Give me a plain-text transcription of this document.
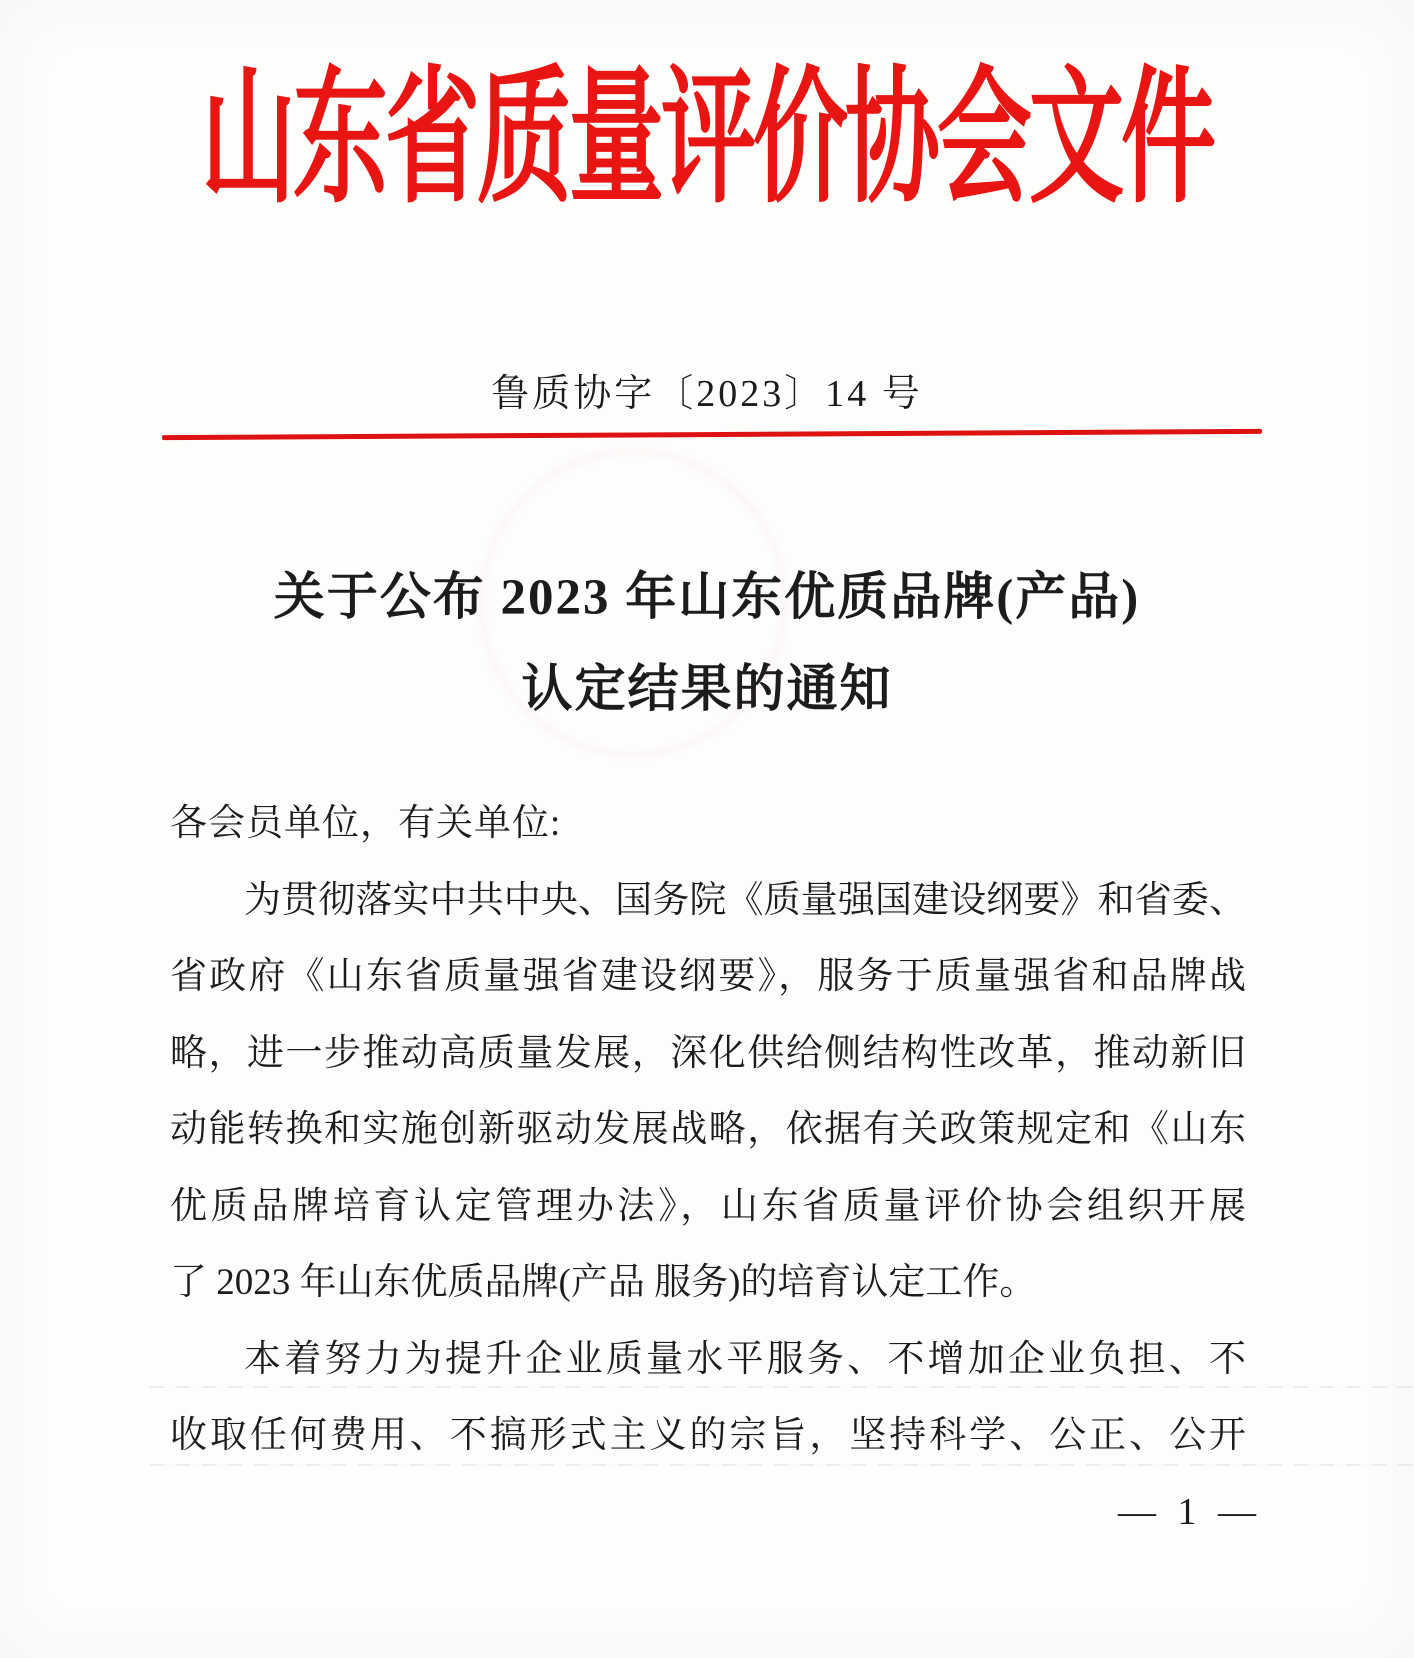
山东省质量评价协会文件
鲁质协字〔2023〕14 号
关于公布 2023 年山东优质品牌(产品)
认定结果的通知
各会员单位，有关单位:
为贯彻落实中共中央、国务院《质量强国建设纲要》和省委、
省政府《山东省质量强省建设纲要》，服务于质量强省和品牌战
略，进一步推动高质量发展，深化供给侧结构性改革，推动新旧
动能转换和实施创新驱动发展战略，依据有关政策规定和《山东
优质品牌培育认定管理办法》，山东省质量评价协会组织开展
了 2023 年山东优质品牌(产品 服务)的培育认定工作。
本着努力为提升企业质量水平服务、不增加企业负担、不
收取任何费用、不搞形式主义的宗旨，坚持科学、公正、公开
— 1 —
